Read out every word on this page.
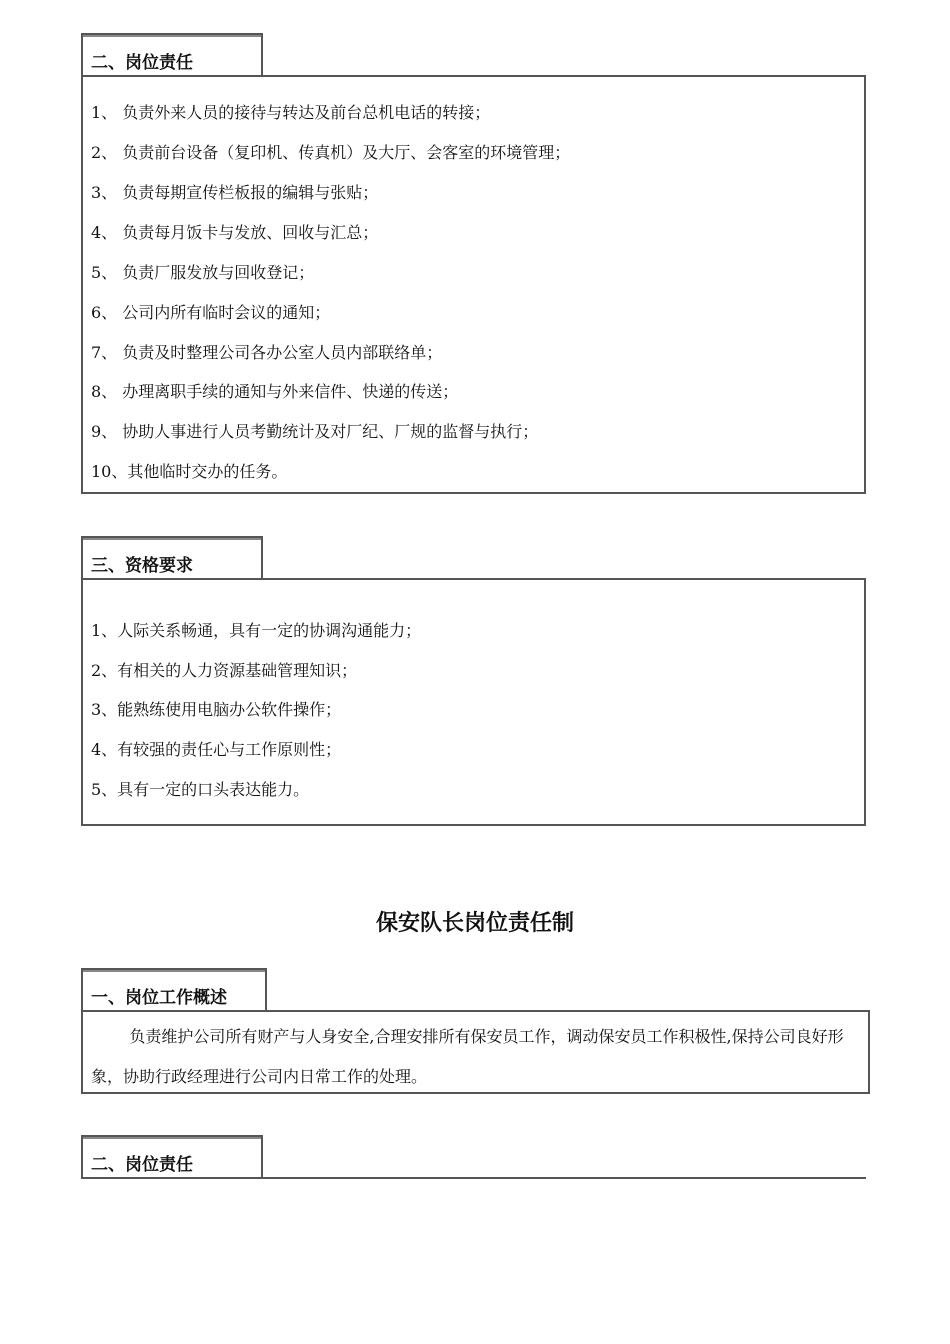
二、岗位责任
1、 负责外来人员的接待与转达及前台总机电话的转接；
2、 负责前台设备（复印机、传真机）及大厅、会客室的环境管理；
3、 负责每期宣传栏板报的编辑与张贴；
4、 负责每月饭卡与发放、回收与汇总；
5、 负责厂服发放与回收登记；
6、 公司内所有临时会议的通知；
7、 负责及时整理公司各办公室人员内部联络单；
8、 办理离职手续的通知与外来信件、快递的传送；
9、 协助人事进行人员考勤统计及对厂纪、厂规的监督与执行；
10、其他临时交办的任务。
三、资格要求
1、人际关系畅通，具有一定的协调沟通能力；
2、有相关的人力资源基础管理知识；
3、能熟练使用电脑办公软件操作；
4、有较强的责任心与工作原则性；
5、具有一定的口头表达能力。
保安队长岗位责任制
一、岗位工作概述
负责维护公司所有财产与人身安全,合理安排所有保安员工作，调动保安员工作积极性,保持公司良好形象，协助行政经理进行公司内日常工作的处理。
二、岗位责任
